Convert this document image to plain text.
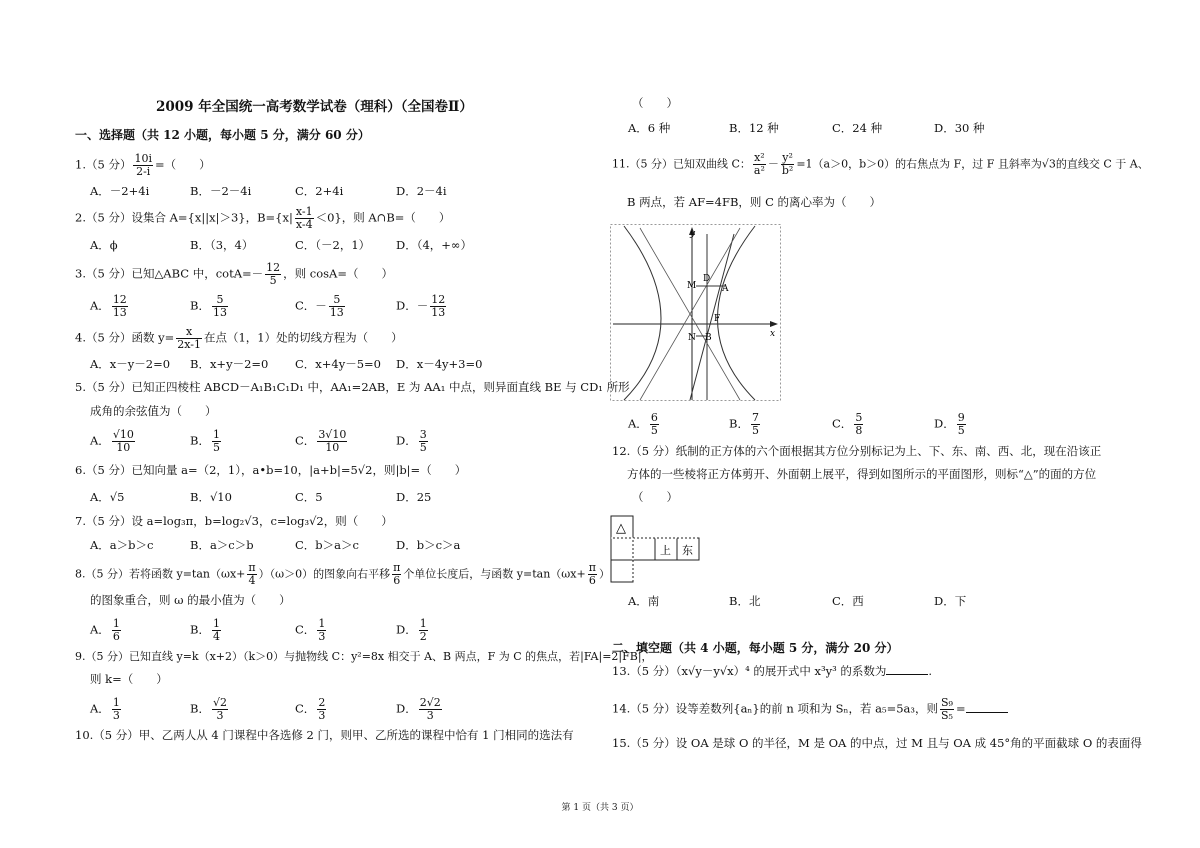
2009 年全国统一高考数学试卷（理科）（全国卷Ⅱ）
一、选择题（共 12 小题，每小题 5 分，满分 60 分）
1.（5 分） $\frac{10i}{2-i}$ =（　　）
A．－2+4i	B．－2－4i	C．2+4i	D．2－4i
2.（5 分）设集合 A={x||x|＞3}，$B=\{x| \frac{x-1}{x-4} <0\}$，则 A∩B=（　　）
A．ϕ	B．（3，4）	C．（－2，1） D．（4，+∞）
3.（5 分）已知△ABC 中，$\cot A=- \frac{12}{5}$ ，则 cosA=（　　）
A． $\frac{12}{13}$	B． $\frac{5}{13}$	C．－ $\frac{5}{13}$	D．－ $\frac{12}{13}$
4.（5 分）函数 $y= \frac{x}{2x-1}$ 在点（1，1）处的切线方程为（　　）
A．x－y－2=0 B．x+y－2=0 C．x+4y－5=0 D．x－4y+3=0
5.（5 分）已知正四棱柱 ABCD－A₁B₁C₁D₁ 中，AA₁=2AB，E 为 AA₁ 中点，则异面直线 BE 与 CD₁ 所形
成角的余弦值为（　　）
A． $\frac{√10}{10}$	B． $\frac{1}{5}$	C． $\frac{3√10}{10}$	D． $\frac{3}{5}$
6.（5 分）已知向量 a=（2，1），a•b=10，|a+b|=5√2，则|b|=（　　）
A．√5	B．√10	C．5	D．25
7.（5 分）设 a=log₃π，b=log₂√3，c=log₃√2，则（　　）
A．a＞b＞c	B．a＞c＞b	C．b＞a＞c	D．b＞c＞a
8.（5 分）若将函数 $y=\tan(\omega x+ \frac{\pi}{4} )(\omega>0)$的图象向右平移 $\frac{\pi}{6}$ 个单位长度后，与函数 $y=\tan(\omega x+ \frac{\pi}{6}$ ）
的图象重合，则 ω 的最小值为（　　）
A． $\frac{1}{6}$	B． $\frac{1}{4}$	C． $\frac{1}{3}$	D． $\frac{1}{2}$
9.（5 分）已知直线 y=k（x+2）（k＞0）与抛物线 C：y²=8x 相交于 A、B 两点，F 为 C 的焦点，若|FA|=2|FB|，
则 k=（　　）
A． $\frac{1}{3}$	B． $\frac{√2}{3}$	C． $\frac{2}{3}$	D． $\frac{2√2}{3}$
10.（5 分）甲、乙两人从 4 门课程中各选修 2 门，则甲、乙所选的课程中恰有 1 门相同的选法有
（　　）
A．6 种	B．12 种	C．24 种	D．30 种
11.（5 分）已知双曲线 C： $\frac{\text{x²}}{\text{a²}} - \frac{\text{y²}}{\text{b²}} =1(a>0$，b＞0）的右焦点为 F，过 F 且斜率为√3的直线交 C 于 A、
B 两点，若 AF=4FB，则 C 的离心率为（　　）
y
x
M
D
A
F
N B
A． $\frac{6}{5}$	B． $\frac{7}{5}$	C． $\frac{5}{8}$	D． $\frac{9}{5}$
12.（5 分）纸制的正方体的六个面根据其方位分别标记为上、下、东、南、西、北，现在沿该正
方体的一些棱将正方体剪开、外面朝上展平，得到如图所示的平面图形，则标“△”的面的方位
（　　）
△
上 东
A．南	B．北	C．西	D．下
二、填空题（共 4 小题，每小题 5 分，满分 20 分）
13.（5 分）（x√y－y√x）⁴ 的展开式中 x³y³ 的系数为	.
14.（5 分）设等差数列{aₙ}的前 n 项和为 Sₙ，若 a₅=5a₃，则 $\frac{\text{S₉}}{\text{S₅}}$ =
15.（5 分）设 OA 是球 O 的半径，M 是 OA 的中点，过 M 且与 OA 成 45°角的平面截球 O 的表面得
第 1 页（共 3 页）
